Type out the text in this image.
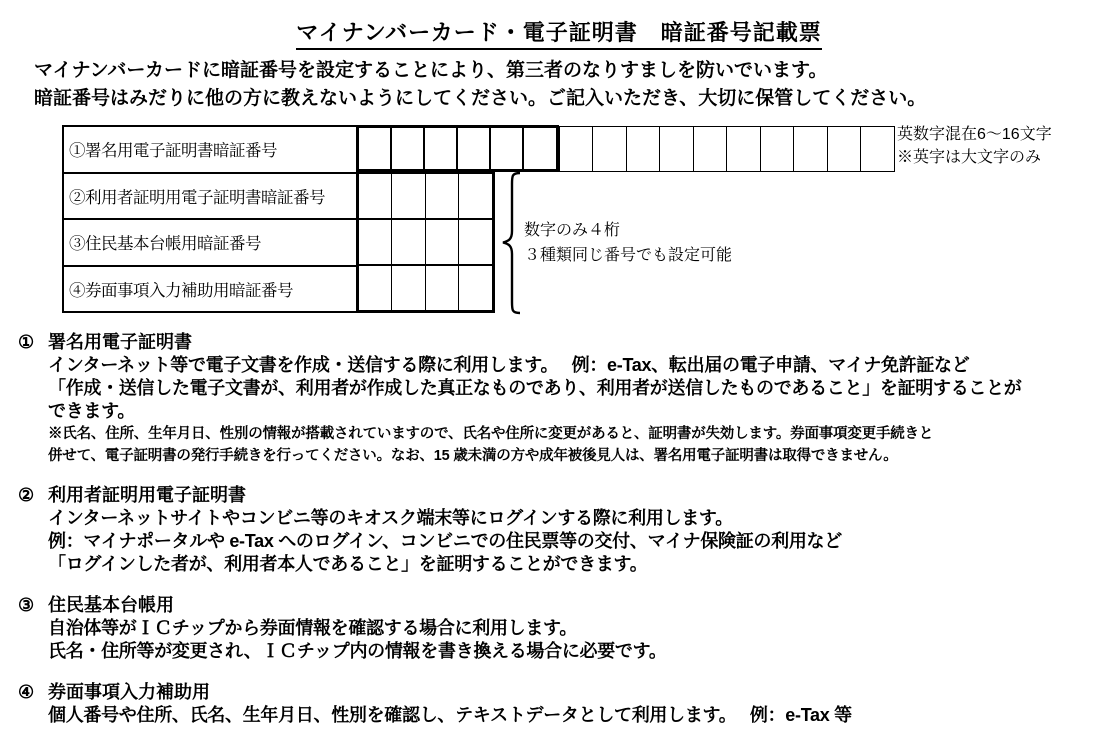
マイナンバーカード・電子証明書　暗証番号記載票
マイナンバーカードに暗証番号を設定することにより、第三者のなりすましを防いでいます。
暗証番号はみだりに他の方に教えないようにしてください。ご記入いただき、大切に保管してください。
①署名用電子証明書暗証番号
②利用者証明用電子証明書暗証番号
③住民基本台帳用暗証番号
④券面事項入力補助用暗証番号
数字のみ４桁
３種類同じ番号でも設定可能
英数字混在6〜16文字
※英字は大文字のみ
① 署名用電子証明書
インターネット等で電子文書を作成・送信する際に利用します。　 例：e-Tax、転出届の電子申請、マイナ免許証など
「作成・送信した電子文書が、利用者が作成した真正なものであり、利用者が送信したものであること」を証明することが
できます。
※氏名、住所、生年月日、性別の情報が搭載されていますので、氏名や住所に変更があると、証明書が失効します。券面事項変更手続きと
併せて、電子証明書の発行手続きを行ってください。なお、15 歳未満の方や成年被後見人は、署名用電子証明書は取得できません。
② 利用者証明用電子証明書
インターネットサイトやコンビニ等のキオスク端末等にログインする際に利用します。
例：マイナポータルや e-Tax へのログイン、コンビニでの住民票等の交付、マイナ保険証の利用など
「ログインした者が、利用者本人であること」を証明することができます。
③ 住民基本台帳用
自治体等がＩＣチップから券面情報を確認する場合に利用します。
氏名・住所等が変更され、ＩＣチップ内の情報を書き換える場合に必要です。
④ 券面事項入力補助用
個人番号や住所、氏名、生年月日、性別を確認し、テキストデータとして利用します。　 例：e-Tax 等
